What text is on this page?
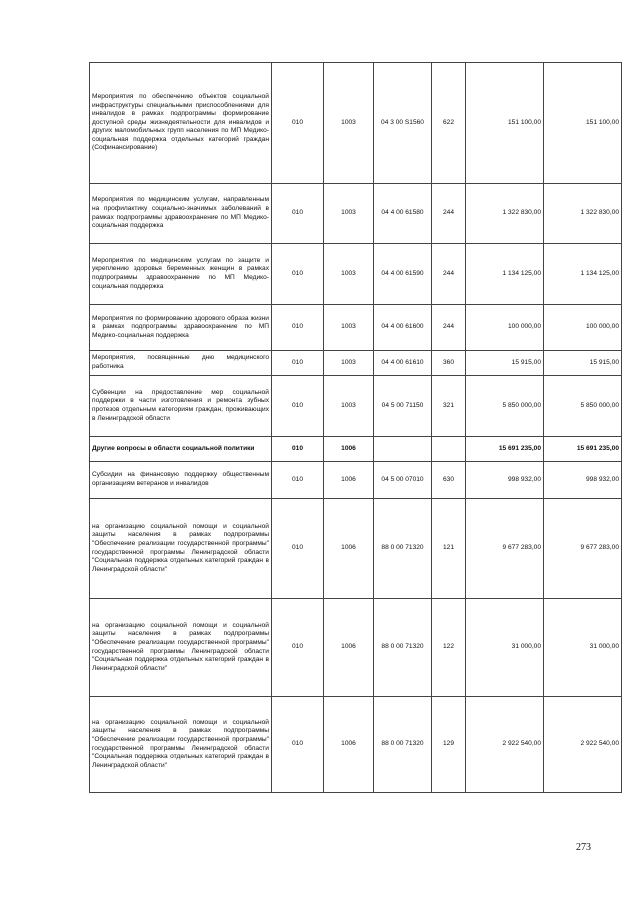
Мероприятия по обеспечению объектов социальной инфраструктуры специальными приспособлениями для инвалидов в рамках подпрограммы формирование доступной среды жизнедеятельности для инвалидов и других маломобильных групп населения по МП Медико-социальная поддержка отдельных категорий граждан (Софинансирование)	010	1003	04 3 00 S1560	622	151 100,00	151 100,00
Мероприятия по медицинским услугам, направленным на профилактику социально-значимых заболеваний в рамках подпрограммы здравоохранение по МП Медико-социальная поддержка	010	1003	04 4 00 61580	244	1 322 830,00	1 322 830,00
Мероприятия по медицинским услугам по защите и укреплению здоровья беременных женщин в рамках подпрограммы здравоохранение по МП Медико-социальная поддержка	010	1003	04 4 00 61590	244	1 134 125,00	1 134 125,00
Мероприятия по формированию здорового образа жизни в рамках подпрограммы здравоохранение по МП Медико-социальная поддержка	010	1003	04 4 00 61600	244	100 000,00	100 000,00
Мероприятия, посвященные дню медицинского работника	010	1003	04 4 00 61610	360	15 915,00	15 915,00
Субвенции на предоставление мер социальной поддержки в части изготовления и ремонта зубных протезов отдельным категориям граждан, проживающих в Ленинградской области	010	1003	04 5 00 71150	321	5 850 000,00	5 850 000,00
Другие вопросы в области социальной политики	010	1006			15 691 235,00	15 691 235,00
Субсидии на финансовую поддержку общественным организациям ветеранов и инвалидов	010	1006	04 5 00 07010	630	998 932,00	998 932,00
на организацию социальной помощи и социальной защиты населения в рамках подпрограммы "Обеспечение реализации государственной программы" государственной программы Ленинградской области "Социальная поддержка отдельных категорий граждан в Ленинградской области"	010	1006	88 0 00 71320	121	9 677 283,00	9 677 283,00
на организацию социальной помощи и социальной защиты населения в рамках подпрограммы "Обеспечение реализации государственной программы" государственной программы Ленинградской области "Социальная поддержка отдельных категорий граждан в Ленинградской области"	010	1006	88 0 00 71320	122	31 000,00	31 000,00
на организацию социальной помощи и социальной защиты населения в рамках подпрограммы "Обеспечение реализации государственной программы" государственной программы Ленинградской области "Социальная поддержка отдельных категорий граждан в Ленинградской области"	010	1006	88 0 00 71320	129	2 922 540,00	2 922 540,00
273
